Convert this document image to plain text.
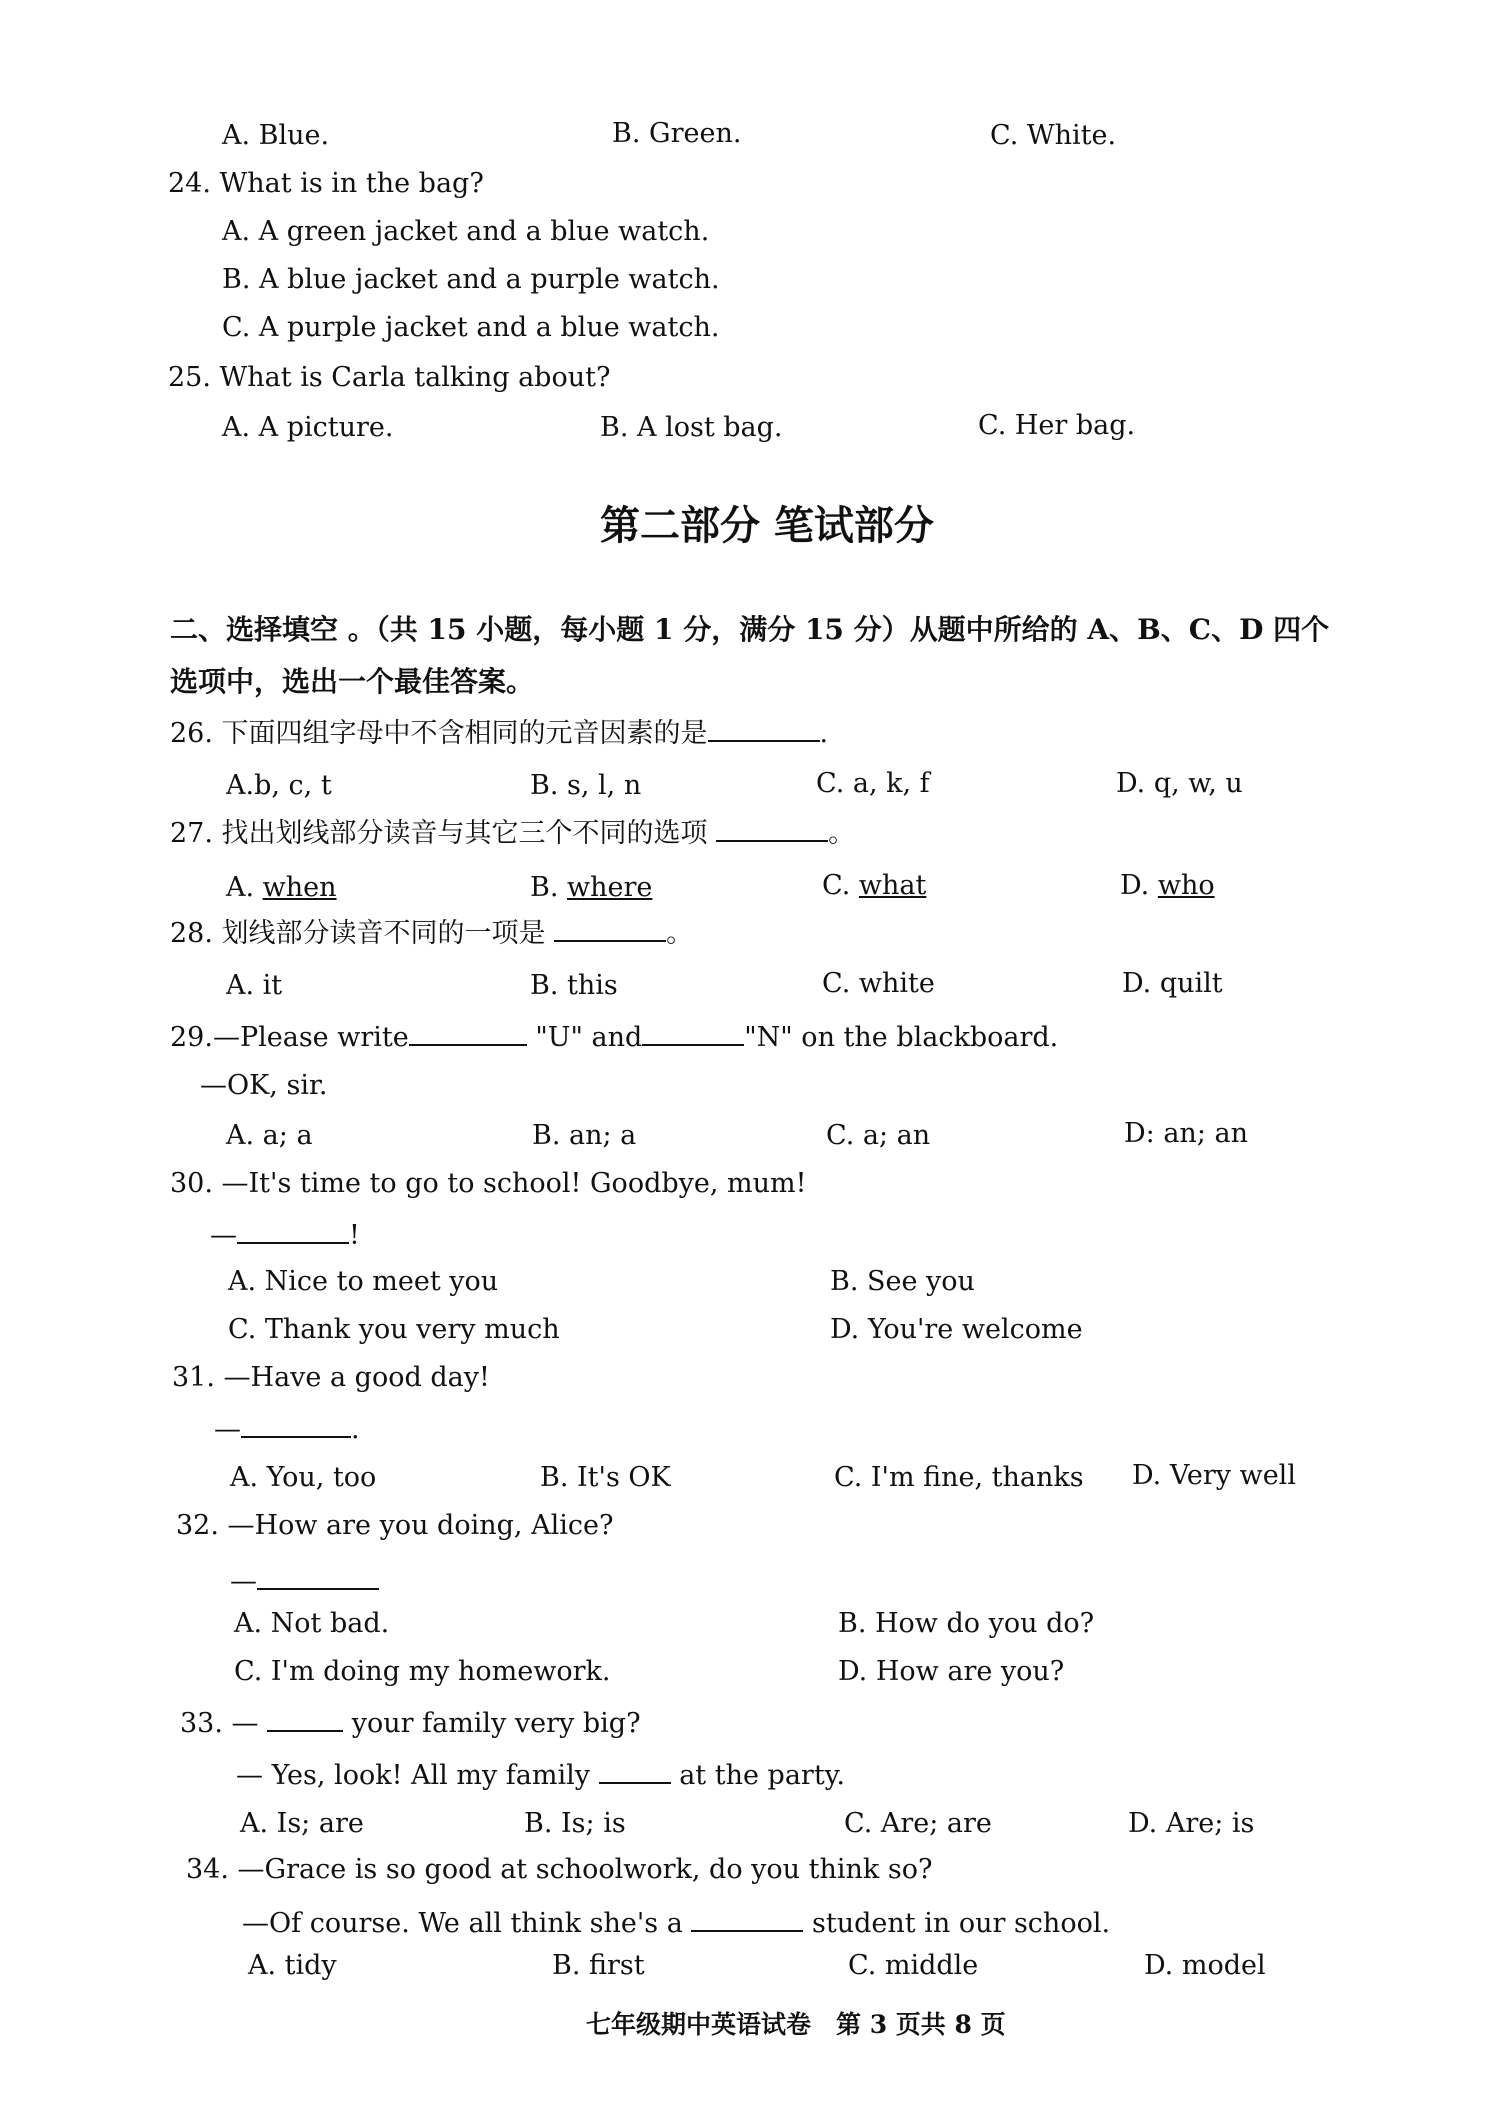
A. Blue.	B. Green.	C. White.
24. What is in the bag?
A. A green jacket and a blue watch.
B. A blue jacket and a purple watch.
C. A purple jacket and a blue watch.
25. What is Carla talking about?
A. A picture.	B. A lost bag.	C. Her bag.
第二部分 笔试部分
二、选择填空 。（共 15 小题，每小题 1 分，满分 15 分）从题中所给的 A、B、C、D 四个
选项中，选出一个最佳答案。
26. 下面四组字母中不含相同的元音因素的是	.
A.b, c, t	B. s, l, n	C. a, k, f	D. q, w, u
27. 找出划线部分读音与其它三个不同的选项	。
A. when	B. where	C. what	D. who
28. 划线部分读音不同的一项是	。
A. it	B. this	C. white	D. quilt
29.—Please write	"U" and	"N" on the blackboard.
—OK, sir.
A. a; a	B. an; a	C. a; an	D: an; an
30. —It's time to go to school! Goodbye, mum!
—	!
A. Nice to meet you	B. See you
C. Thank you very much	D. You're welcome
31. —Have a good day!
—	.
A. You, too	B. It's OK	C. I'm fine, thanks D. Very well
32. —How are you doing, Alice?
—
A. Not bad.	B. How do you do?
C. I'm doing my homework.	D. How are you?
33. —	your family very big?
— Yes, look! All my family	at the party.
A. Is; are	B. Is; is	C. Are; are	D. Are; is
34. —Grace is so good at schoolwork, do you think so?
—Of course. We all think she's a	student in our school.
A. tidy	B. first	C. middle	D. model
七年级期中英语试卷　第 3 页共 8 页
